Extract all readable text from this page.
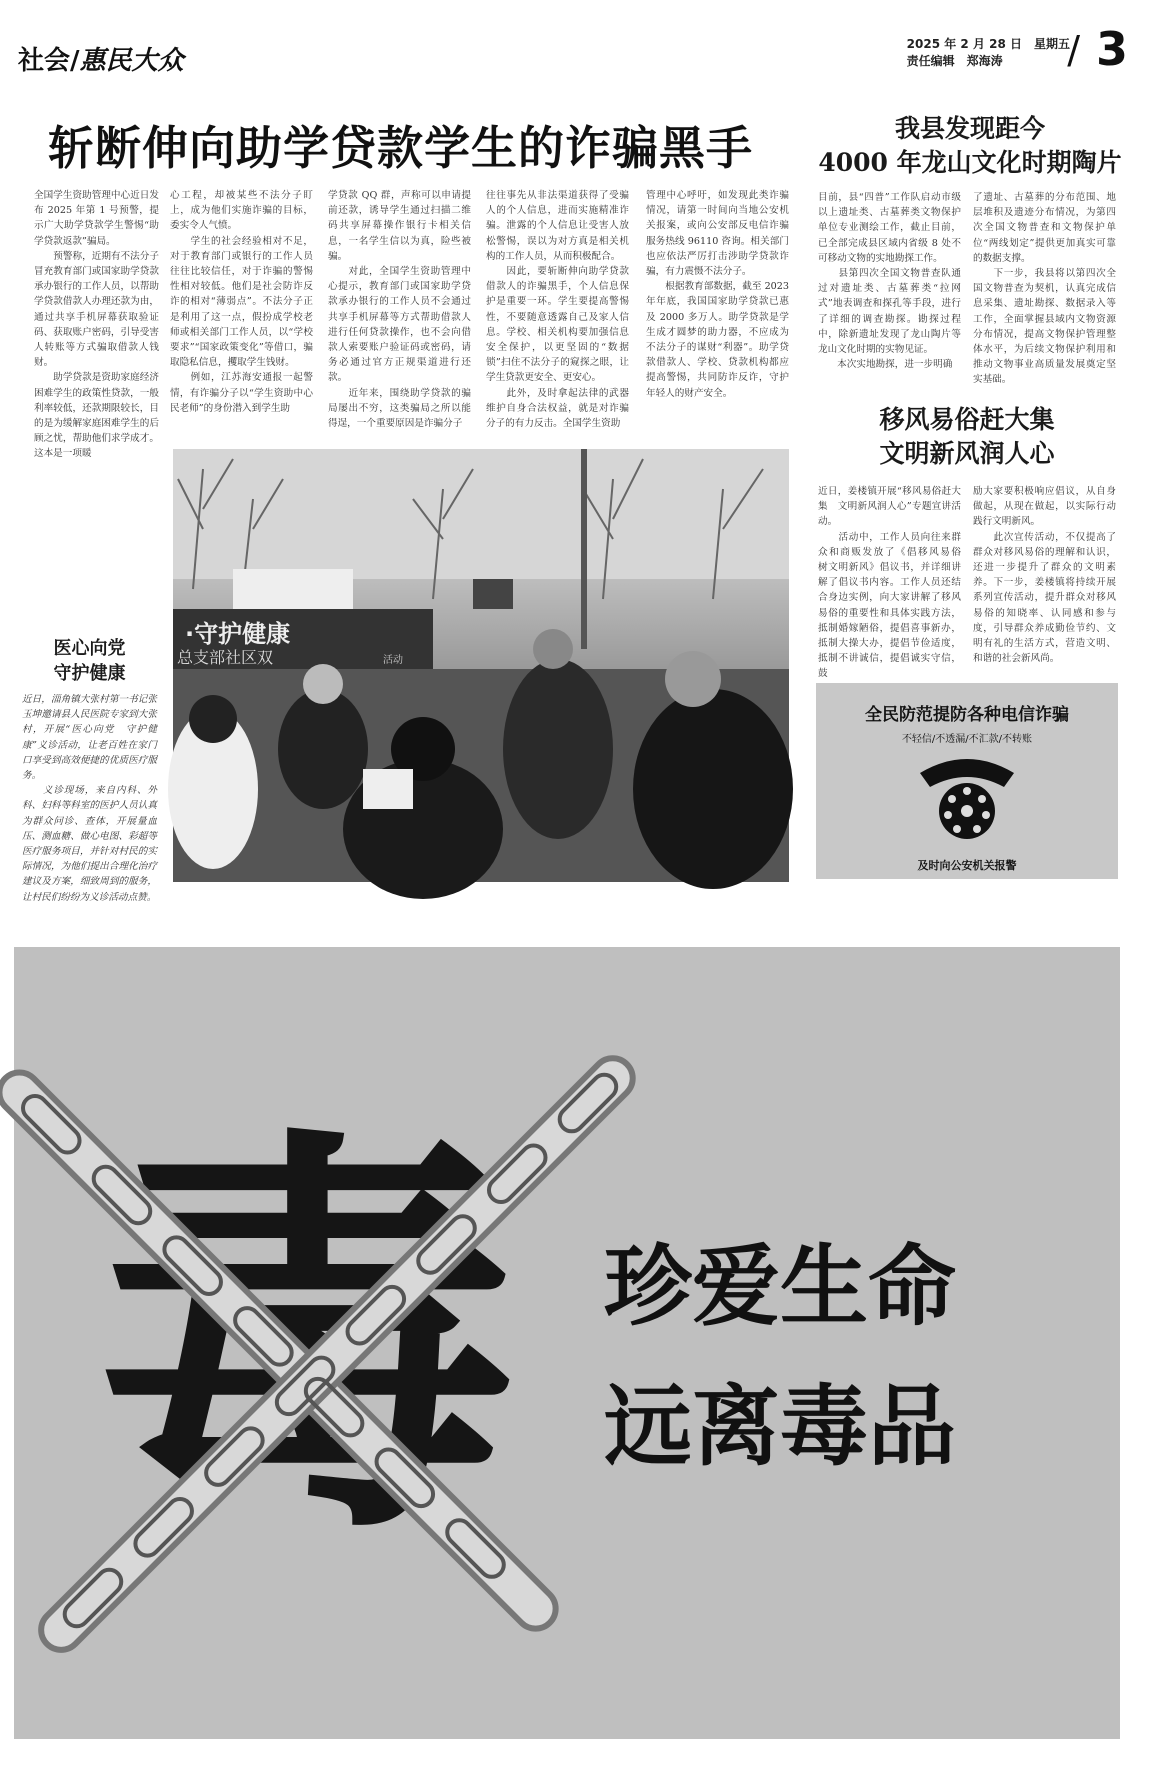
社会/惠民大众
2025 年 2 月 28 日　星期五
责任编辑　郑海涛	/ 3
斩断伸向助学贷款学生的诈骗黑手
全国学生资助管理中心近日发布 2025 年第 1 号预警，提示广大助学贷款学生警惕“助学贷款返款”骗局。
　　预警称，近期有不法分子冒充教育部门或国家助学贷款承办银行的工作人员，以帮助学贷款借款人办理还款为由，通过共享手机屏幕获取验证码、获取账户密码，引导受害人转账等方式骗取借款人钱财。
　　助学贷款是资助家庭经济困难学生的政策性贷款，一般利率较低，还款期限较长，目的是为缓解家庭困难学生的后顾之忧，帮助他们求学成才。这本是一项暖
心工程，却被某些不法分子盯上，成为他们实施诈骗的目标，委实令人气愤。
　　学生的社会经验相对不足，对于教育部门或银行的工作人员往往比较信任，对于诈骗的警惕性相对较低。他们是社会防诈反诈的相对“薄弱点”。不法分子正是利用了这一点，假扮成学校老师或相关部门工作人员，以“学校要求”“国家政策变化”等借口，骗取隐私信息，攫取学生钱财。
　　例如，江苏海安通报一起警情，有诈骗分子以“学生资助中心民老师”的身份潜入到学生助
学贷款 QQ 群，声称可以申请提前还款，诱导学生通过扫描二维码共享屏幕操作银行卡相关信息，一名学生信以为真，险些被骗。
　　对此，全国学生资助管理中心提示，教育部门或国家助学贷款承办银行的工作人员不会通过共享手机屏幕等方式帮助借款人进行任何贷款操作，也不会向借款人索要账户验证码或密码，请务必通过官方正规渠道进行还款。
　　近年来，围绕助学贷款的骗局屡出不穷，这类骗局之所以能得逞，一个重要原因是诈骗分子
往往事先从非法渠道获得了受骗人的个人信息，进而实施精准诈骗。泄露的个人信息让受害人放松警惕，误以为对方真是相关机构的工作人员，从而积极配合。
　　因此，要斩断伸向助学贷款借款人的诈骗黑手，个人信息保护是重要一环。学生要提高警惕性，不要随意透露自己及家人信息。学校、相关机构要加强信息安全保护，以更坚固的“数据锁”扫住不法分子的窥探之眼，让学生贷款更安全、更安心。
　　此外，及时拿起法律的武器维护自身合法权益，就是对诈骗分子的有力反击。全国学生资助
管理中心呼吁，如发现此类诈骗情况，请第一时间向当地公安机关报案，或向公安部反电信诈骗服务热线 96110 咨询。相关部门也应依法严厉打击涉助学贷款诈骗，有力震慑不法分子。
　　根据教育部数据，截至 2023 年年底，我国国家助学贷款已惠及 2000 多万人。助学贷款是学生成才圆梦的助力器，不应成为不法分子的谋财“利器”。助学贷款借款人、学校、贷款机构都应提高警惕，共同防诈反诈，守护年轻人的财产安全。
我县发现距今
4000 年龙山文化时期陶片
目前，县“四普”工作队启动市级以上遗址类、古墓葬类文物保护单位专业测绘工作，截止目前，已全部完成县区域内省级 8 处不可移动文物的实地勘探工作。
　　县第四次全国文物普查队通过对遗址类、古墓葬类“拉网式”地表调查和探孔等手段，进行了详细的调查勘探。勘探过程中，除新遗址发现了龙山陶片等龙山文化时期的实物见证。
　　本次实地勘探，进一步明确
了遗址、古墓葬的分布范围、地层堆积及遗迹分布情况，为第四次全国文物普查和文物保护单位“两线划定”提供更加真实可靠的数据支撑。
　　下一步，我县将以第四次全国文物普查为契机，认真完成信息采集、遗址勘探、数据录入等工作，全面掌握县域内文物资源分布情况，提高文物保护管理整体水平，为后续文物保护利用和推动文物事业高质量发展奠定坚实基础。
移风易俗赶大集
文明新风润人心
近日，姜楼镇开展“移风易俗赶大集　文明新风润人心”专题宣讲活动。
　　活动中，工作人员向往来群众和商贩发放了《倡移风易俗　树文明新风》倡议书，并详细讲解了倡议书内容。工作人员还结合身边实例，向大家讲解了移风易俗的重要性和具体实践方法，抵制婚嫁陋俗，提倡喜事新办，抵制大操大办，提倡节俭适度，抵制不讲诚信，提倡诚实守信，鼓
励大家要积极响应倡议，从自身做起，从现在做起，以实际行动践行文明新风。
　　此次宣传活动，不仅提高了群众对移风易俗的理解和认识，还进一步提升了群众的文明素养。下一步，姜楼镇将持续开展系列宣传活动，提升群众对移风易俗的知晓率、认同感和参与度，引导群众养成勤俭节约、文明有礼的生活方式，营造文明、和谐的社会新风尚。
医心向党
守护健康
近日，淄角镇大张村第一书记张玉坤邀请县人民医院专家到大张村，开展“医心向党　守护健康”义诊活动，让老百姓在家门口享受到高效便捷的优质医疗服务。
　　义诊现场，来自内科、外科、妇科等科室的医护人员认真为群众问诊、查体，开展量血压、测血糖、做心电图、彩超等医疗服务项目，并针对村民的实际情况，为他们提出合理化治疗建议及方案，细致周到的服务，让村民们纷纷为义诊活动点赞。
·守护健康
总支部社区双	活动
全民防范提防各种电信诈骗
不轻信/不透漏/不汇款/不转账
及时向公安机关报警
毒 珍爱生命
远离毒品
